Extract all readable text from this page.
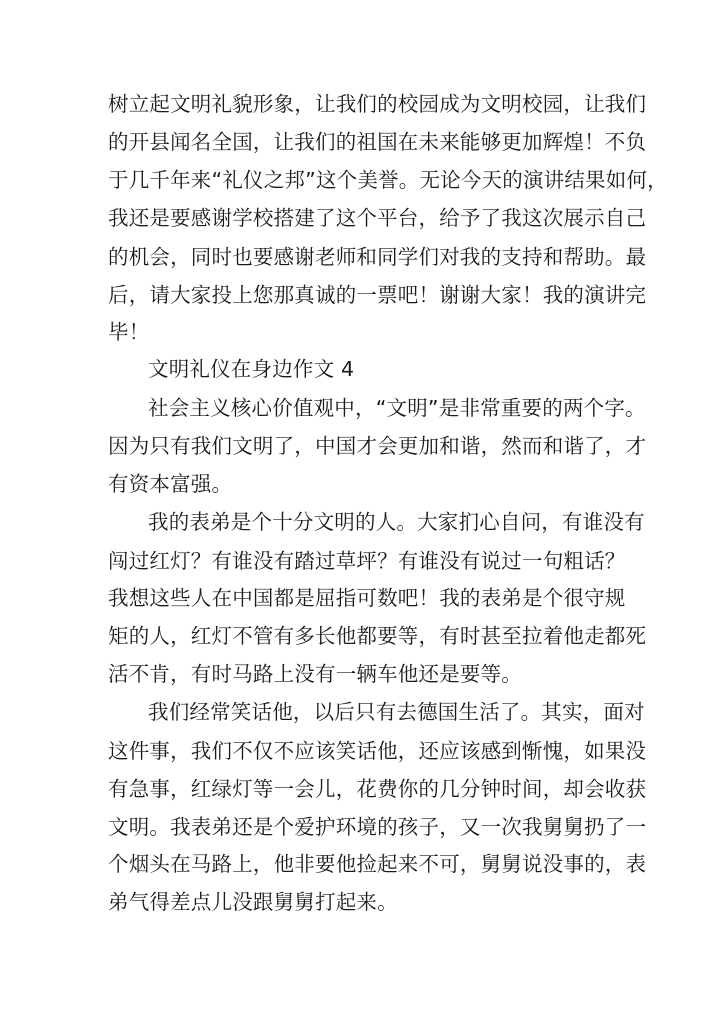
树立起文明礼貌形象，让我们的校园成为文明校园，让我们
的开县闻名全国，让我们的祖国在未来能够更加辉煌！不负
于几千年来“礼仪之邦”这个美誉。无论今天的演讲结果如何，
我还是要感谢学校搭建了这个平台，给予了我这次展示自己
的机会，同时也要感谢老师和同学们对我的支持和帮助。最
后，请大家投上您那真诚的一票吧！谢谢大家！我的演讲完
毕！
文明礼仪在身边作文 4
社会主义核心价值观中，“文明”是非常重要的两个字。
因为只有我们文明了，中国才会更加和谐，然而和谐了，才
有资本富强。
我的表弟是个十分文明的人。大家扪心自问，有谁没有
闯过红灯？有谁没有踏过草坪？有谁没有说过一句粗话？
我想这些人在中国都是屈指可数吧！我的表弟是个很守规
矩的人，红灯不管有多长他都要等，有时甚至拉着他走都死
活不肯，有时马路上没有一辆车他还是要等。
我们经常笑话他，以后只有去德国生活了。其实，面对
这件事，我们不仅不应该笑话他，还应该感到惭愧，如果没
有急事，红绿灯等一会儿，花费你的几分钟时间，却会收获
文明。我表弟还是个爱护环境的孩子，又一次我舅舅扔了一
个烟头在马路上，他非要他捡起来不可，舅舅说没事的，表
弟气得差点儿没跟舅舅打起来。
